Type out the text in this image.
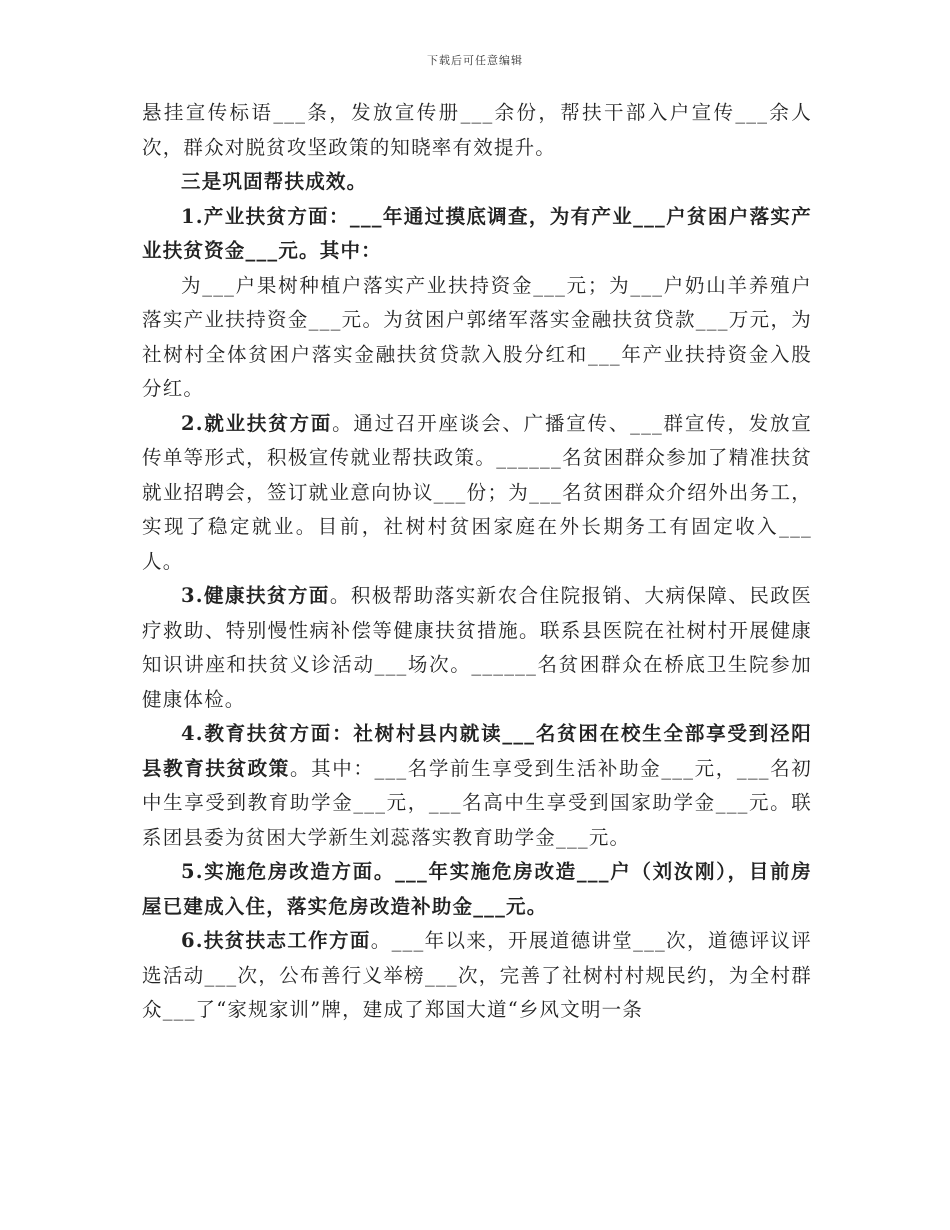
下载后可任意编辑

悬挂宣传标语___条，发放宣传册___余份，帮扶干部入户宣传___余人次，群众对脱贫攻坚政策的知晓率有效提升。

三是巩固帮扶成效。

1.产业扶贫方面：___年通过摸底调查，为有产业___户贫困户落实产业扶贫资金___元。其中：

为___户果树种植户落实产业扶持资金___元；为___户奶山羊养殖户落实产业扶持资金___元。为贫困户郭绪军落实金融扶贫贷款___万元，为社树村全体贫困户落实金融扶贫贷款入股分红和___年产业扶持资金入股分红。

2.就业扶贫方面。通过召开座谈会、广播宣传、___群宣传，发放宣传单等形式，积极宣传就业帮扶政策。______名贫困群众参加了精准扶贫就业招聘会，签订就业意向协议___份；为___名贫困群众介绍外出务工，实现了稳定就业。目前，社树村贫困家庭在外长期务工有固定收入___人。

3.健康扶贫方面。积极帮助落实新农合住院报销、大病保障、民政医疗救助、特别慢性病补偿等健康扶贫措施。联系县医院在社树村开展健康知识讲座和扶贫义诊活动___场次。______名贫困群众在桥底卫生院参加健康体检。

4.教育扶贫方面：社树村县内就读___名贫困在校生全部享受到泾阳县教育扶贫政策。其中：___名学前生享受到生活补助金___元，___名初中生享受到教育助学金___元，___名高中生享受到国家助学金___元。联系团县委为贫困大学新生刘蕊落实教育助学金___元。

5.实施危房改造方面。___年实施危房改造___户（刘汝刚），目前房屋已建成入住，落实危房改造补助金___元。

6.扶贫扶志工作方面。___年以来，开展道德讲堂___次，道德评议评选活动___次，公布善行义举榜___次，完善了社树村村规民约，为全村群众___了“家规家训”牌，建成了郑国大道“乡风文明一条
